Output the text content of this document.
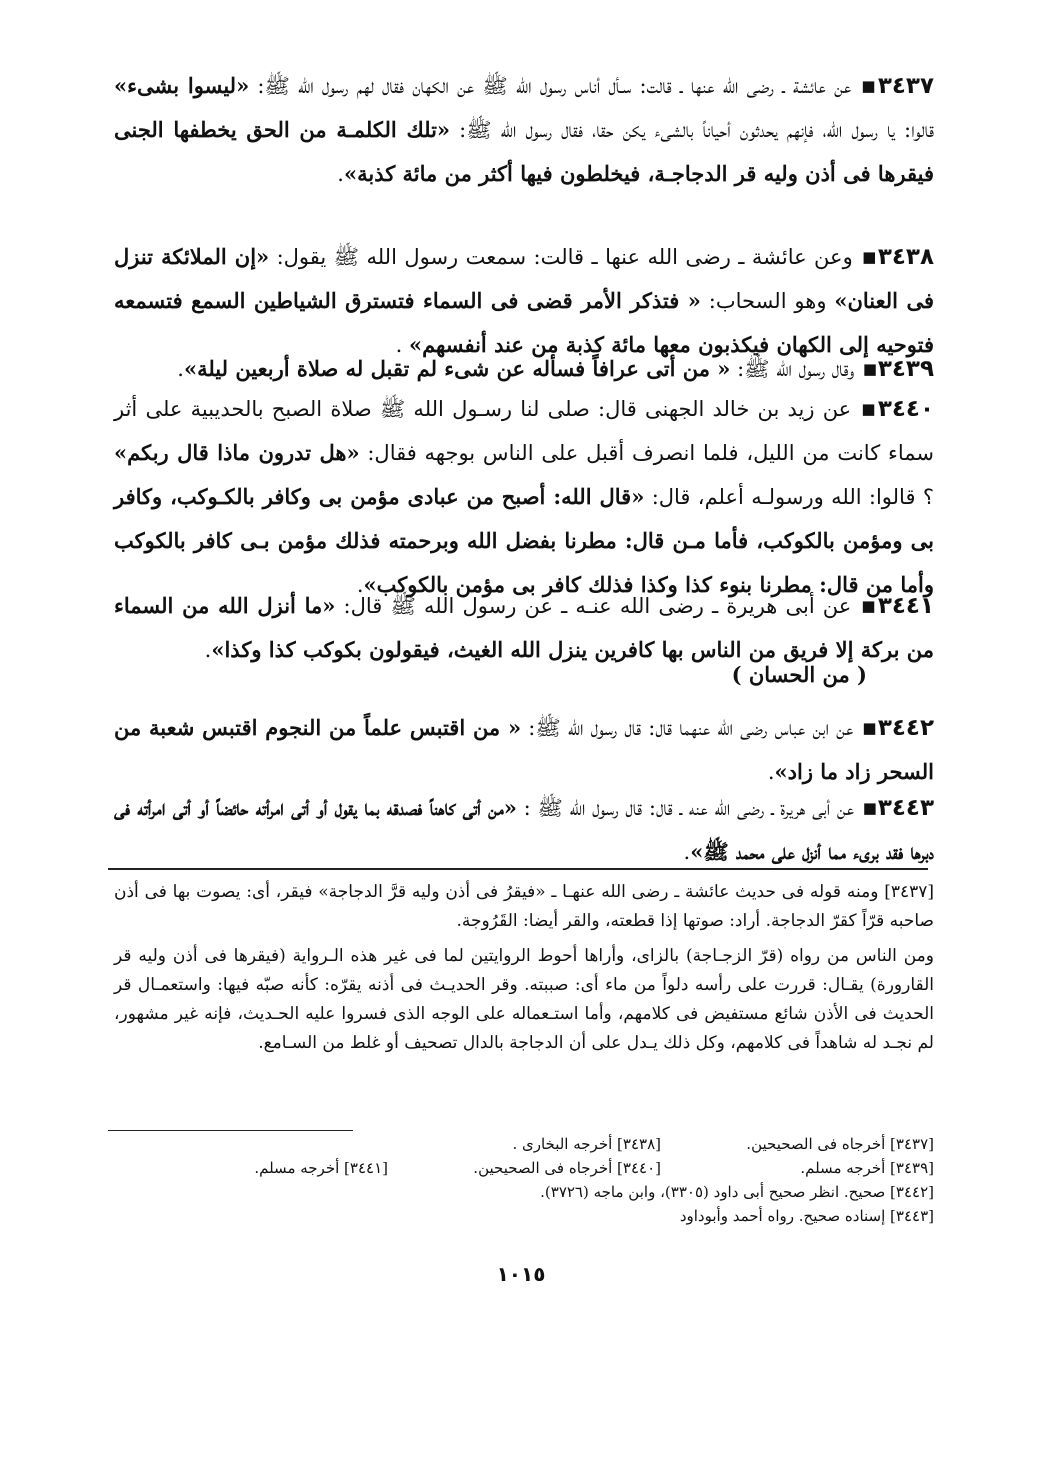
٣٤٣٧▪ عن عائشة ـ رضى الله عنها ـ قالت: سـأل أناس رسول الله ﷺ عن الكهان فقال لهم رسول الله ﷺ: «ليسوا بشىء» قالوا: يا رسول الله، فإنهم يحدثون أحياناً بالشىء يكن حقا، فقال رسول الله ﷺ: «تلك الكلمـة من الحق يخطفها الجنى فيقرها فى أذن وليه قر الدجاجـة، فيخلطون فيها أكثر من مائة كذبة».
٣٤٣٨▪ وعن عائشة ـ رضى الله عنها ـ قالت: سمعت رسول الله ﷺ يقول: «إن الملائكة تنزل فى العنان» وهو السحاب: « فتذكر الأمر قضى فى السماء فتسترق الشياطين السمع فتسمعه فتوحيه إلى الكهان فيكذبون معها مائة كذبة من عند أنفسهم» .
٣٤٣٩▪ وقال رسول الله ﷺ: « من أتى عرافاً فسأله عن شىء لم تقبل له صلاة أربعين ليلة».
٣٤٤٠▪ عن زيد بن خالد الجهنى قال: صلى لنا رسـول الله ﷺ صلاة الصبح بالحديبية على أثر سماء كانت من الليل، فلما انصرف أقبل على الناس بوجهه فقال: «هل تدرون ماذا قال ربكم» ؟ قالوا: الله ورسولـه أعلم، قال: «قال الله: أصبح من عبادى مؤمن بى وكافر بالكـوكب، وكافر بى ومؤمن بالكوكب، فأما مـن قال: مطرنا بفضل الله وبرحمته فذلك مؤمن بـى كافر بالكوكب وأما من قال: مطرنا بنوء كذا وكذا فذلك كافر بى مؤمن بالكوكب».
٣٤٤١▪ عن أبى هريرة ـ رضى الله عنـه ـ عن رسول الله ﷺ قال: «ما أنزل الله من السماء من بركة إلا فريق من الناس بها كافرين ينزل الله الغيث، فيقولون بكوكب كذا وكذا».
( من الحسان )
٣٤٤٢▪ عن ابن عباس رضى الله عنهما قال: قال رسول الله ﷺ: « من اقتبس علماً من النجوم اقتبس شعبة من السحر زاد ما زاد».
٣٤٤٣▪ عن أبى هريرة ـ رضى الله عنه ـ قال: قال رسول الله ﷺ : «من أتى كاهناً فصدقه بما يقول أو أتى امرأته حائضاً أو أتى امرأته فى دبرها فقد برىء مما أنزل على محمد ﷺ».

[٣٤٣٧] ومنه قوله فى حديث عائشة ـ رضى الله عنهـا ـ «فيقرُ فى أذن وليه قرَّ الدجاجة» فيقر، أى: يصوت بها فى أذن صاحبه قرّاً كقرّ الدجاجة. أراد: صوتها إذا قطعته، والقر أيضا: القَرُوجة.

ومن الناس من رواه (قرّ الزجـاجة) بالزاى، وأراها أحوط الروايتين لما فى غير هذه الـرواية (فيقرها فى أذن وليه قر القارورة) يقـال: قررت على رأسه دلواً من ماء أى: صببته. وقر الحديـث فى أذنه يقرّه: كأنه صبّه فيها: واستعمـال قر الحديث فى الأذن شائع مستفيض فى كلامهم، وأما استـعماله على الوجه الذى فسروا عليه الحـديث، فإنه غير مشهور، لم نجـد له شاهداً فى كلامهم، وكل ذلك يـدل على أن الدجاجة بالدال تصحيف أو غلط من السـامع.

[٣٤٣٧] أخرجاه فى الصحيحين.
[٣٤٣٨] أخرجه البخارى .
[٣٤٣٩] أخرجه مسلم.
[٣٤٤٠] أخرجاه فى الصحيحين.
[٣٤٤١] أخرجه مسلم.
[٣٤٤٢] صحيح. انظر صحيح أبى داود (٣٣٠٥)، وابن ماجه (٣٧٢٦).
[٣٤٤٣] إسناده صحيح. رواه أحمد وأبوداود
١٠١٥
